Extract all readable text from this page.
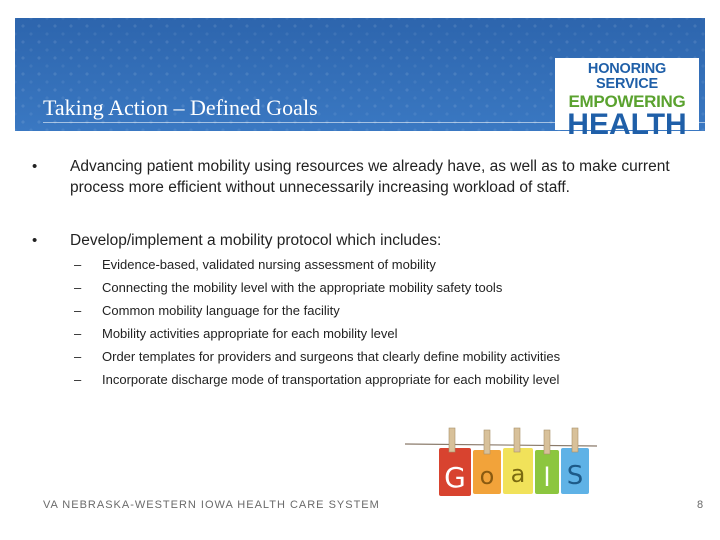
Taking Action – Defined Goals
HONORING SERVICE
EMPOWERING
HEALTH
• Advancing patient mobility using resources we already have, as well as to make current process more efficient without unnecessarily increasing workload of staff.
• Develop/implement a mobility protocol which includes:
– Evidence-based, validated nursing assessment of mobility
– Connecting the mobility level with the appropriate mobility safety tools
– Common mobility language for the facility
– Mobility activities appropriate for each mobility level
– Order templates for providers and surgeons that clearly define mobility activities
– Incorporate discharge mode of transportation appropriate for each mobility level
G o a l S

VA NEBRASKA-WESTERN IOWA HEALTH CARE SYSTEM	8
